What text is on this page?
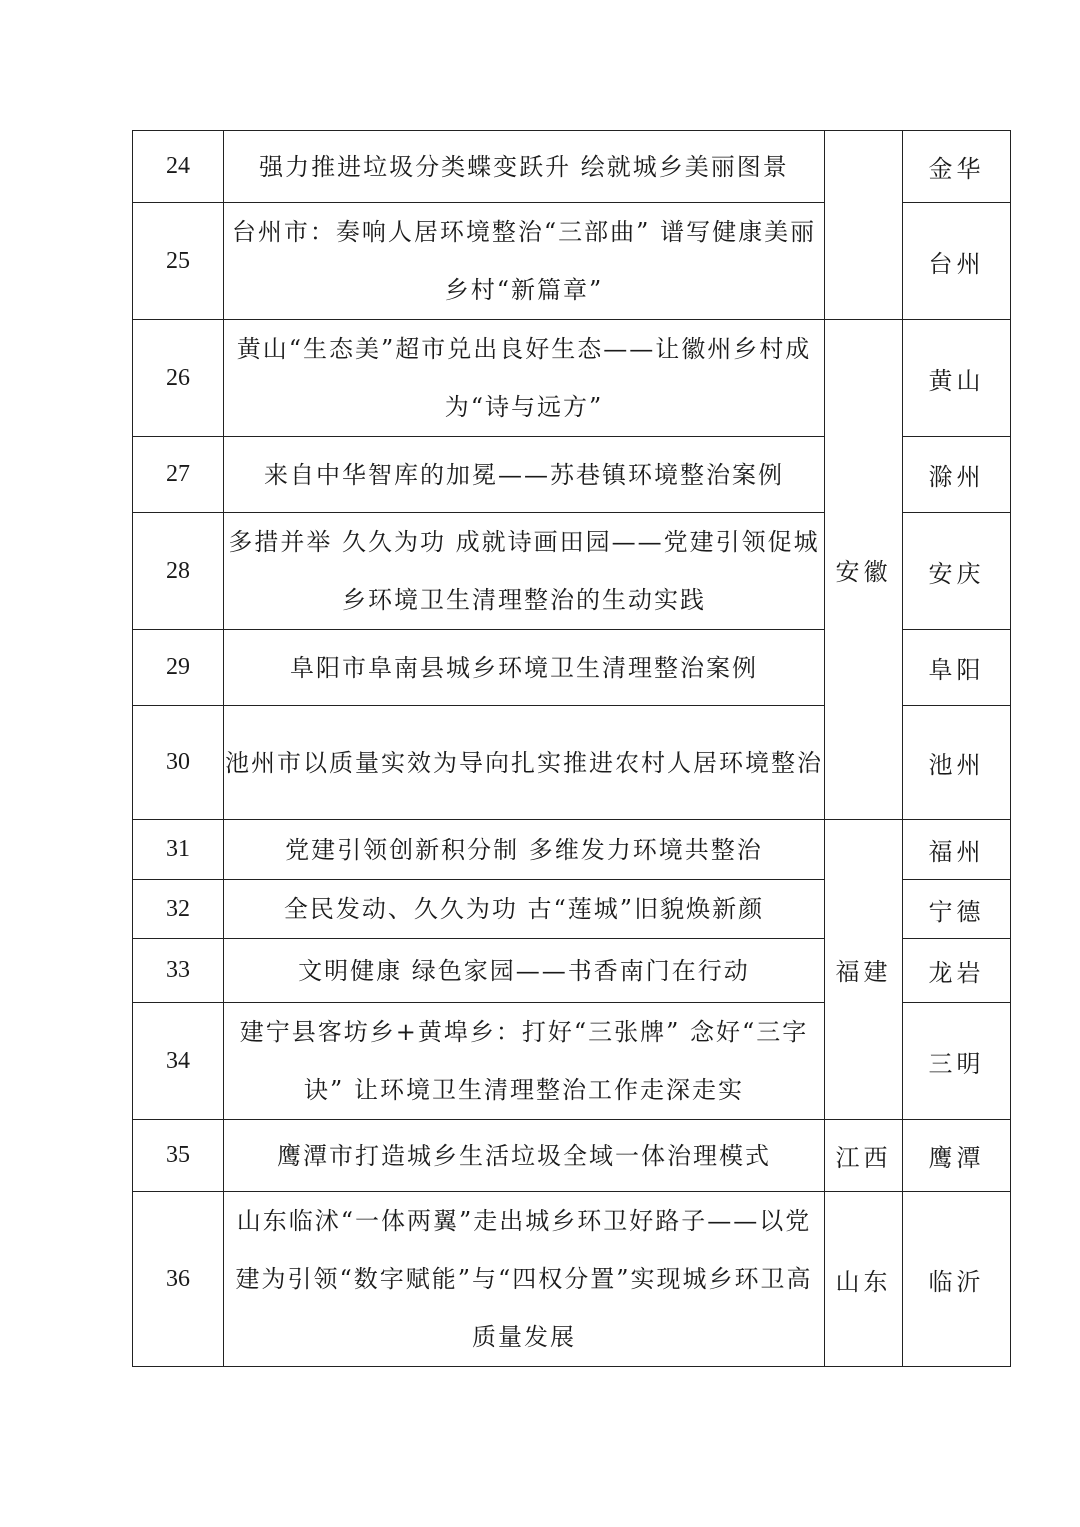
24	强力推进垃圾分类蝶变跃升 绘就城乡美丽图景		金华
25	台州市：奏响人居环境整治“三部曲” 谱写健康美丽乡村“新篇章”		台州
26	黄山“生态美”超市兑出良好生态——让徽州乡村成为“诗与远方”	安徽	黄山
27	来自中华智库的加冕——苏巷镇环境整治案例		滁州
28	多措并举 久久为功 成就诗画田园——党建引领促城乡环境卫生清理整治的生动实践		安庆
29	阜阳市阜南县城乡环境卫生清理整治案例		阜阳
30	池州市以质量实效为导向扎实推进农村人居环境整治		池州
31	党建引领创新积分制 多维发力环境共整治	福建	福州
32	全民发动、久久为功 古“莲城”旧貌焕新颜		宁德
33	文明健康 绿色家园——书香南门在行动		龙岩
34	建宁县客坊乡+黄埠乡：打好“三张牌” 念好“三字诀” 让环境卫生清理整治工作走深走实		三明
35	鹰潭市打造城乡生活垃圾全域一体治理模式	江西	鹰潭
36	山东临沭“一体两翼”走出城乡环卫好路子——以党建为引领“数字赋能”与“四权分置”实现城乡环卫高质量发展	山东	临沂
